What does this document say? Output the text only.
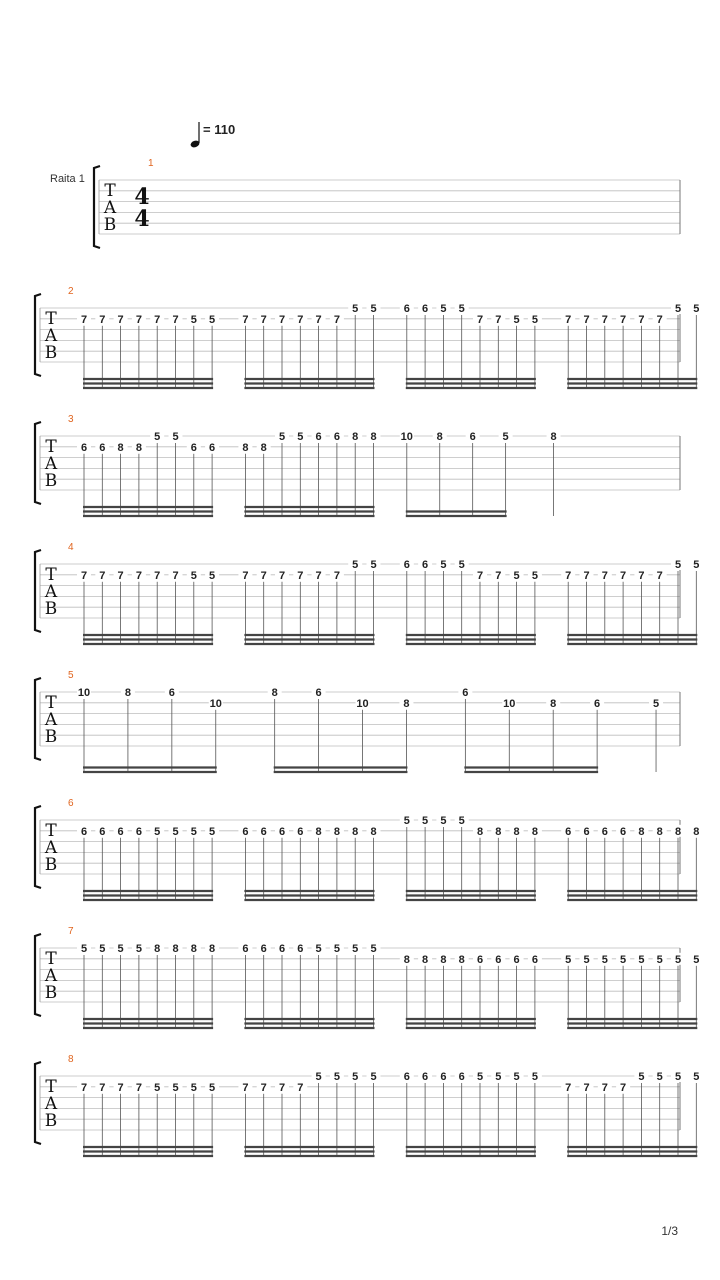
= 110
Raita 1
T
A
B
1
4
4
T
A
B
2
7 7 7 7 7 7 5 5 7 7 7 7 7 7
5 5 6 6 5 5
7 7 5 5 7 7 7 7 7 7
5 5
T
A
B
3
6 6 8 8
5 5
6 6 8 8
5 5 6 6 8 8 10 8 6 5	8
T
A
B
4
7 7 7 7 7 7 5 5 7 7 7 7 7 7
5 5 6 6 5 5
7 7 5 5 7 7 7 7 7 7
5 5
T
A
B
5
10	8	6
10
8	6
10	8
6
10	8	6	5
T
A
B
6
6 6 6 6 5 5 5 5 6 6 6 6 8 8 8 8
5 5 5 5
8 8 8 8 6 6 6 6 8 8 8 8
T
A
B
7
5 5 5 5 8 8 8 8 6 6 6 6 5 5 5 5
8 8 8 8 6 6 6 6 5 5 5 5 5 5 5 5
T
A
B
8
7 7 7 7 5 5 5 5 7 7 7 7
5 5 5 5 6 6 6 6 5 5 5 5
7 7 7 7
5 5 5 5
1/3
